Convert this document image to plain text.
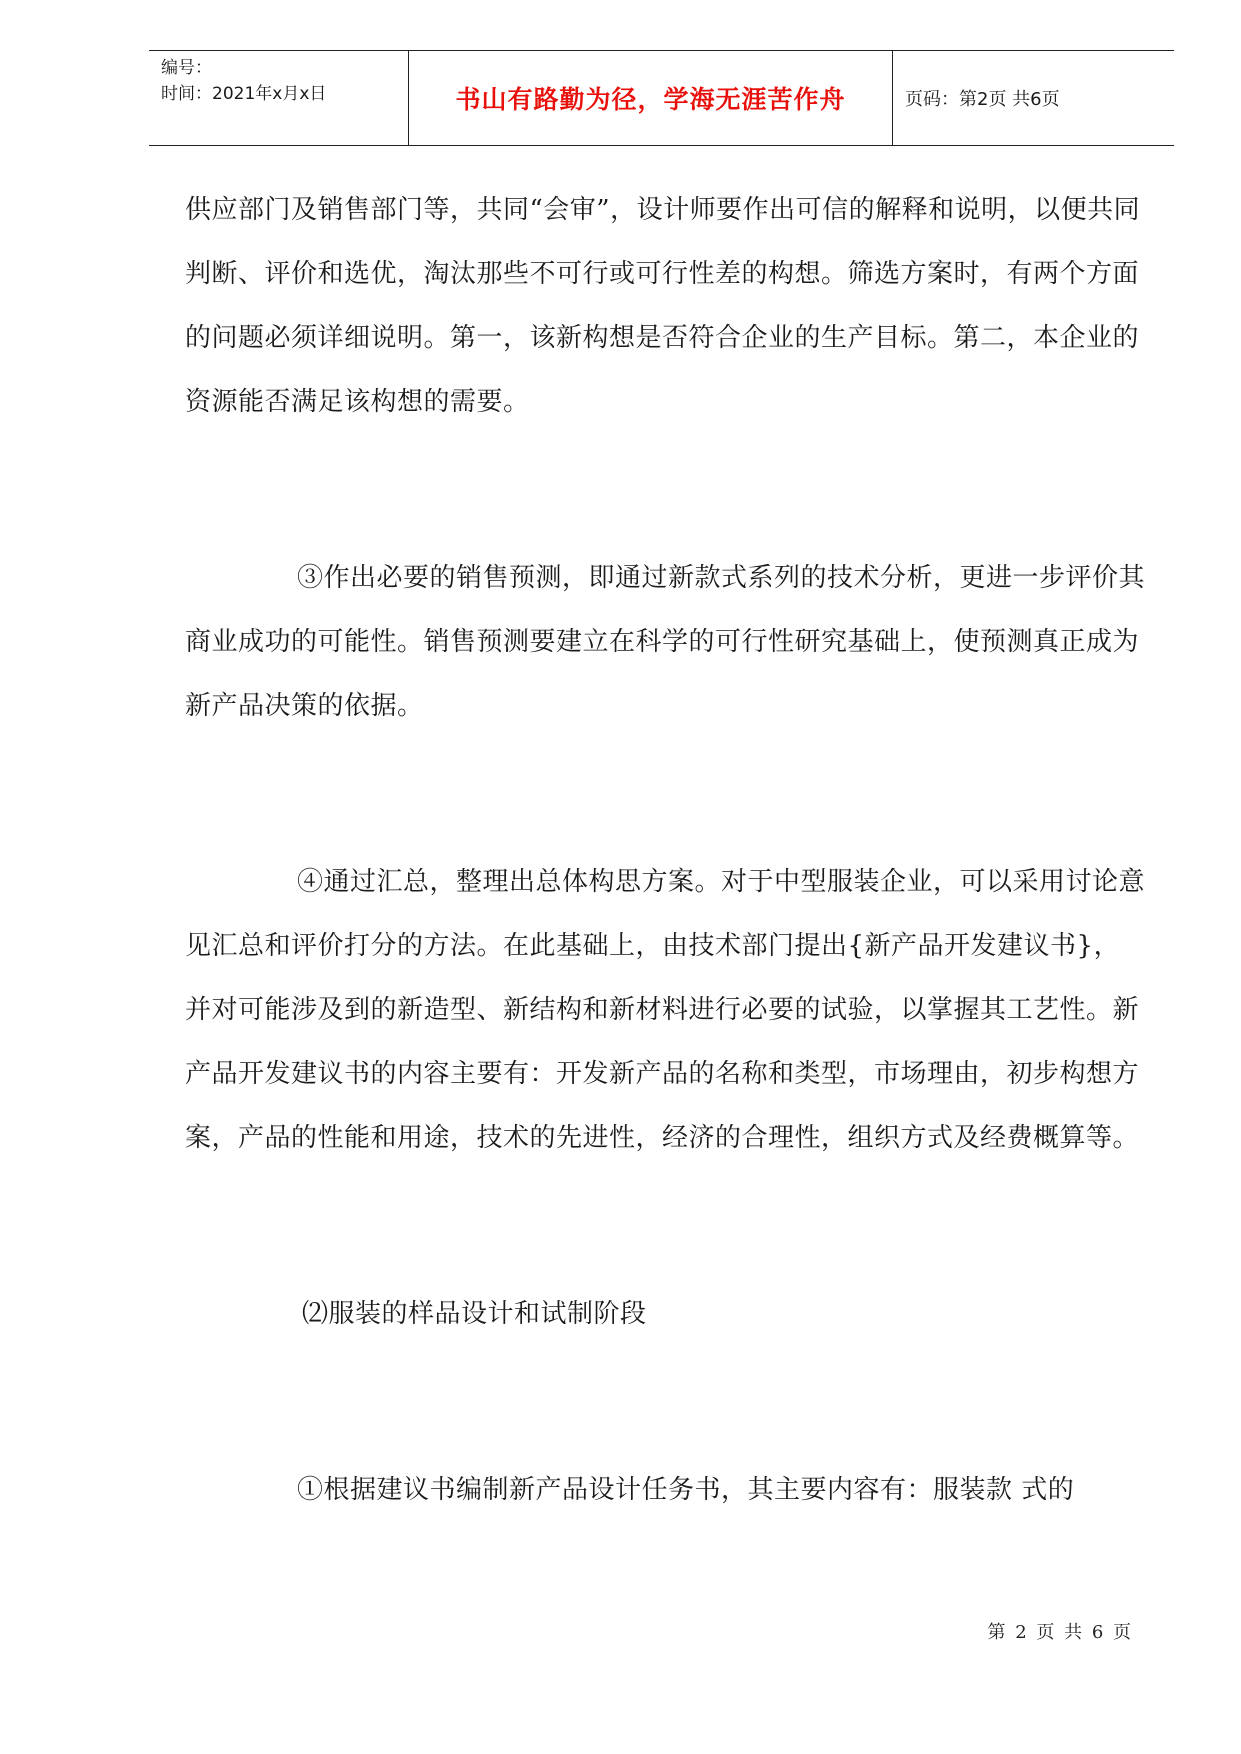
编号：
时间：2021年x月x日	书山有路勤为径，学海无涯苦作舟	页码：第2页 共6页

供应部门及销售部门等，共同“会审”，设计师要作出可信的解释和说明，以便共同判断、评价和选优，淘汰那些不可行或可行性差的构想。筛选方案时，有两个方面的问题必须详细说明。第一，该新构想是否符合企业的生产目标。第二，本企业的资源能否满足该构想的需要。

③作出必要的销售预测，即通过新款式系列的技术分析，更进一步评价其商业成功的可能性。销售预测要建立在科学的可行性研究基础上，使预测真正成为新产品决策的依据。

④通过汇总，整理出总体构思方案。对于中型服装企业，可以采用讨论意见汇总和评价打分的方法。在此基础上，由技术部门提出{新产品开发建议书}，并对可能涉及到的新造型、新结构和新材料进行必要的试验，以掌握其工艺性。新产品开发建议书的内容主要有：开发新产品的名称和类型，市场理由，初步构想方案，产品的性能和用途，技术的先进性，经济的合理性，组织方式及经费概算等。

⑵服装的样品设计和试制阶段

①根据建议书编制新产品设计任务书，其主要内容有：服装款 式的

第 2 页 共 6 页
